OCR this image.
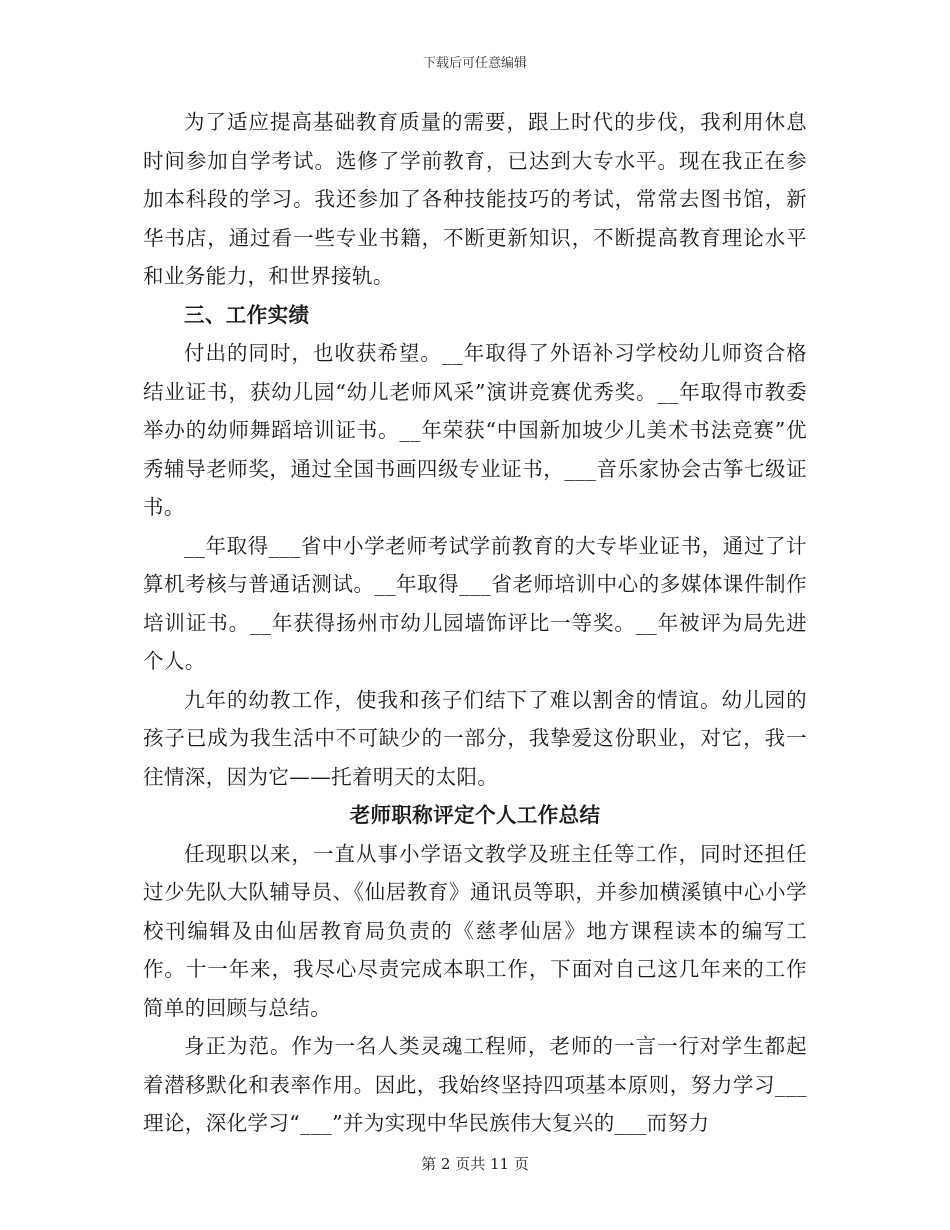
下载后可任意编辑

为了适应提高基础教育质量的需要，跟上时代的步伐，我利用休息时间参加自学考试。选修了学前教育，已达到大专水平。现在我正在参加本科段的学习。我还参加了各种技能技巧的考试，常常去图书馆，新华书店，通过看一些专业书籍，不断更新知识，不断提高教育理论水平和业务能力，和世界接轨。

三、工作实绩

付出的同时，也收获希望。__年取得了外语补习学校幼儿师资合格结业证书，获幼儿园“幼儿老师风采”演讲竞赛优秀奖。__年取得市教委举办的幼师舞蹈培训证书。__年荣获“中国新加坡少儿美术书法竞赛”优秀辅导老师奖，通过全国书画四级专业证书，___音乐家协会古筝七级证书。

__年取得___省中小学老师考试学前教育的大专毕业证书，通过了计算机考核与普通话测试。__年取得___省老师培训中心的多媒体课件制作培训证书。__年获得扬州市幼儿园墙饰评比一等奖。__年被评为局先进个人。

九年的幼教工作，使我和孩子们结下了难以割舍的情谊。幼儿园的孩子已成为我生活中不可缺少的一部分，我挚爱这份职业，对它，我一往情深，因为它——托着明天的太阳。

老师职称评定个人工作总结

任现职以来，一直从事小学语文教学及班主任等工作，同时还担任过少先队大队辅导员、《仙居教育》通讯员等职，并参加横溪镇中心小学校刊编辑及由仙居教育局负责的《慈孝仙居》地方课程读本的编写工作。十一年来，我尽心尽责完成本职工作，下面对自己这几年来的工作简单的回顾与总结。

身正为范。作为一名人类灵魂工程师，老师的一言一行对学生都起着潜移默化和表率作用。因此，我始终坚持四项基本原则，努力学习___理论，深化学习“___”并为实现中华民族伟大复兴的___而努力

第 2 页共 11 页
